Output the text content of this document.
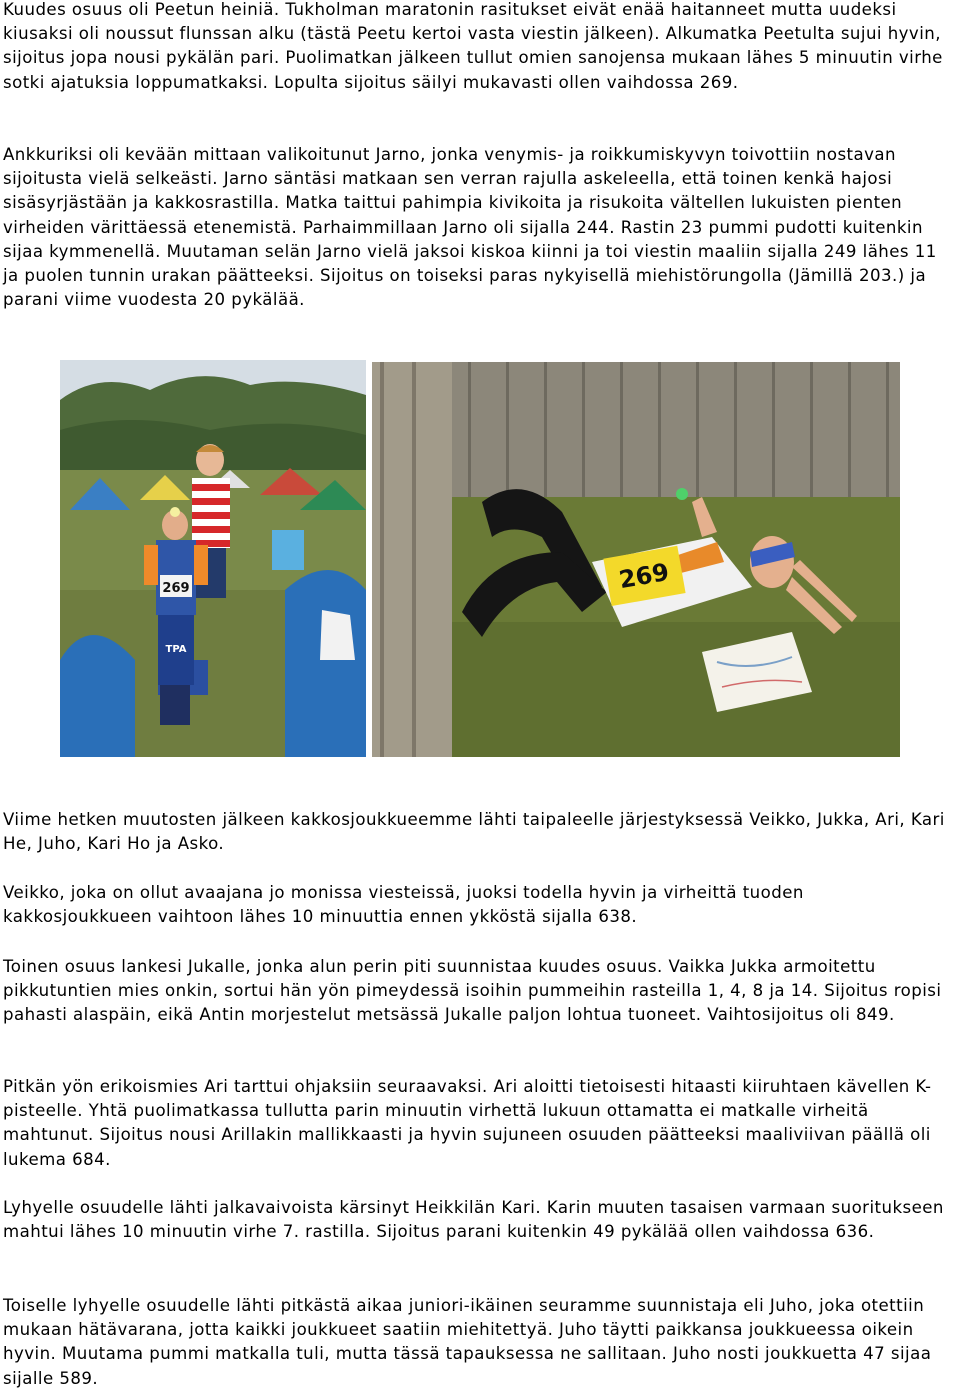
Kuudes osuus oli Peetun heiniä. Tukholman maratonin rasitukset eivät enää haitanneet mutta uudeksi kiusaksi oli noussut flunssan alku (tästä Peetu kertoi vasta viestin jälkeen). Alkumatka Peetulta sujui hyvin, sijoitus jopa nousi pykälän pari. Puolimatkan jälkeen tullut omien sanojensa mukaan lähes 5 minuutin virhe sotki ajatuksia loppumatkaksi. Lopulta sijoitus säilyi mukavasti ollen vaihdossa 269.

Ankkuriksi oli kevään mittaan valikoitunut Jarno, jonka venymis- ja roikkumiskyvyn toivottiin nostavan sijoitusta vielä selkeästi. Jarno säntäsi matkaan sen verran rajulla askeleella, että toinen kenkä hajosi sisäsyrjästään ja kakkosrastilla. Matka taittui pahimpia kivikoita ja risukoita vältellen lukuisten pienten virheiden värittäessä etenemistä. Parhaimmillaan Jarno oli sijalla 244. Rastin 23 pummi pudotti kuitenkin sijaa kymmenellä. Muutaman selän Jarno vielä jaksoi kiskoa kiinni ja toi viestin maaliin sijalla 249 lähes 11 ja puolen tunnin urakan päätteeksi. Sijoitus on toiseksi paras nykyisellä miehistörungolla (Jämillä 203.) ja parani viime vuodesta 20 pykälää.

269
TPA
269

Viime hetken muutosten jälkeen kakkosjoukkueemme lähti taipaleelle järjestyksessä Veikko, Jukka, Ari, Kari He, Juho, Kari Ho ja Asko.

Veikko, joka on ollut avaajana jo monissa viesteissä, juoksi todella hyvin ja virheittä tuoden kakkosjoukkueen vaihtoon lähes 10 minuuttia ennen ykköstä sijalla 638.

Toinen osuus lankesi Jukalle, jonka alun perin piti suunnistaa kuudes osuus. Vaikka Jukka armoitettu pikkutuntien mies onkin, sortui hän yön pimeydessä isoihin pummeihin rasteilla 1, 4, 8 ja 14. Sijoitus ropisi pahasti alaspäin, eikä Antin morjestelut metsässä Jukalle paljon lohtua tuoneet. Vaihtosijoitus oli 849.

Pitkän yön erikoismies Ari tarttui ohjaksiin seuraavaksi. Ari aloitti tietoisesti hitaasti kiiruhtaen kävellen K-pisteelle. Yhtä puolimatkassa tullutta parin minuutin virhettä lukuun ottamatta ei matkalle virheitä mahtunut. Sijoitus nousi Arillakin mallikkaasti ja hyvin sujuneen osuuden päätteeksi maaliviivan päällä oli lukema 684.

Lyhyelle osuudelle lähti jalkavaivoista kärsinyt Heikkilän Kari. Karin muuten tasaisen varmaan suoritukseen mahtui lähes 10 minuutin virhe 7. rastilla. Sijoitus parani kuitenkin 49 pykälää ollen vaihdossa 636.

Toiselle lyhyelle osuudelle lähti pitkästä aikaa juniori-ikäinen seuramme suunnistaja eli Juho, joka otettiin mukaan hätävarana, jotta kaikki joukkueet saatiin miehitettyä. Juho täytti paikkansa joukkueessa oikein hyvin. Muutama pummi matkalla tuli, mutta tässä tapauksessa ne sallitaan. Juho nosti joukkuetta 47 sijaa sijalle 589.
